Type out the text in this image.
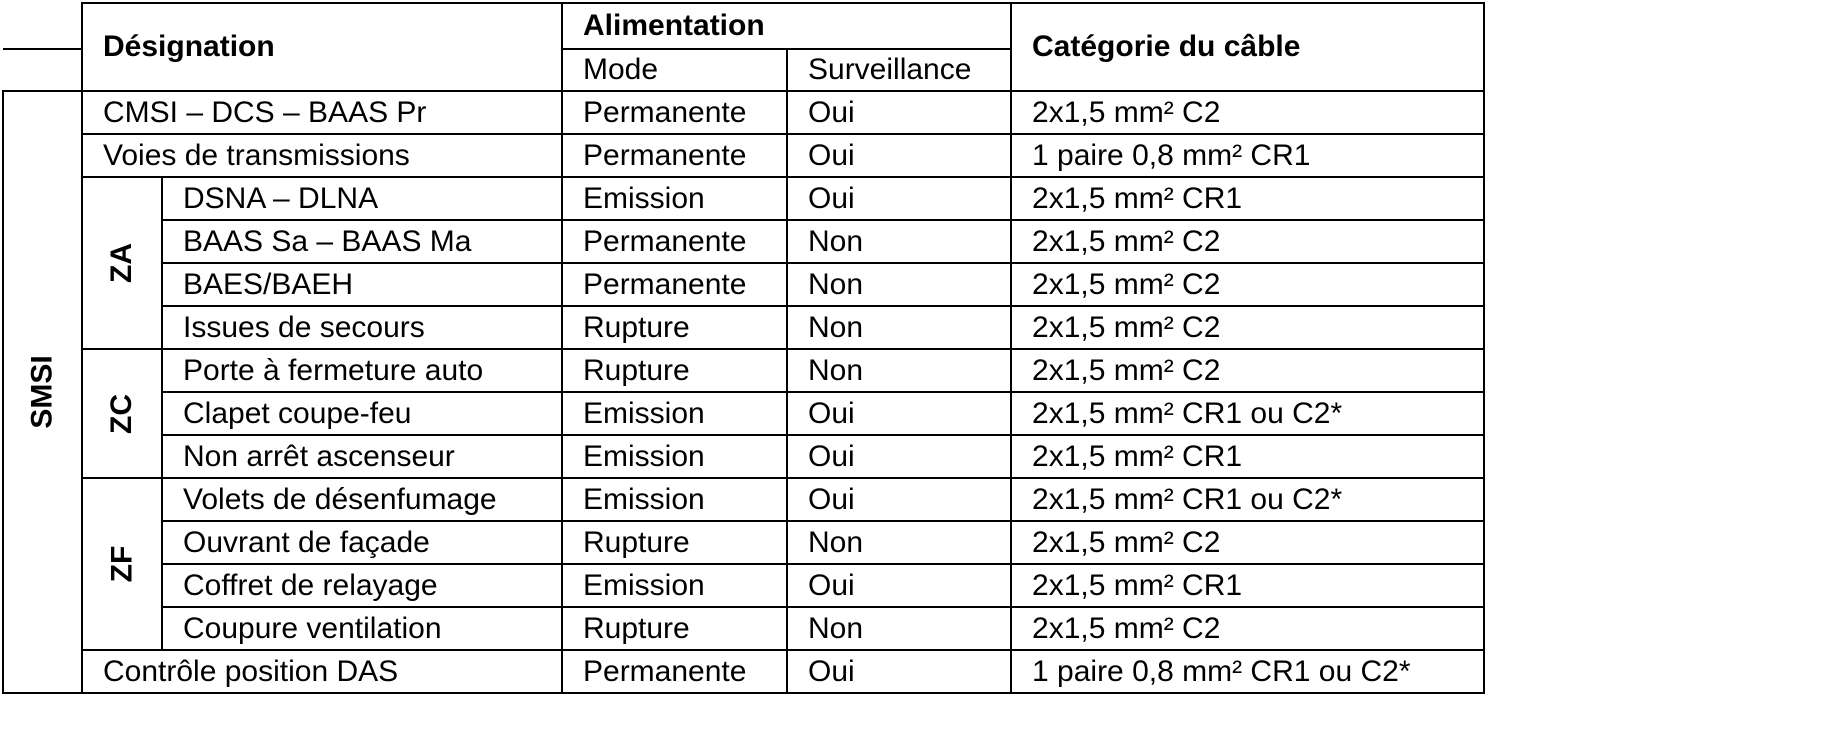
	Désignation		Alimentation		Catégorie du câble
			Mode	Surveillance	
SMSI	CMSI – DCS – BAAS Pr		Permanente	Oui	2x1,5 mm² C2
	Voies de transmissions		Permanente	Oui	1 paire 0,8 mm² CR1
	ZA	DSNA – DLNA	Emission	Oui	2x1,5 mm² CR1
		BAAS Sa – BAAS Ma	Permanente	Non	2x1,5 mm² C2
		BAES/BAEH	Permanente	Non	2x1,5 mm² C2
		Issues de secours	Rupture	Non	2x1,5 mm² C2
	ZC	Porte à fermeture auto	Rupture	Non	2x1,5 mm² C2
		Clapet coupe-feu	Emission	Oui	2x1,5 mm² CR1 ou C2*
		Non arrêt ascenseur	Emission	Oui	2x1,5 mm² CR1
	ZF	Volets de désenfumage	Emission	Oui	2x1,5 mm² CR1 ou C2*
		Ouvrant de façade	Rupture	Non	2x1,5 mm² C2
		Coffret de relayage	Emission	Oui	2x1,5 mm² CR1
		Coupure ventilation	Rupture	Non	2x1,5 mm² C2
	Contrôle position DAS		Permanente	Oui	1 paire 0,8 mm² CR1 ou C2*
